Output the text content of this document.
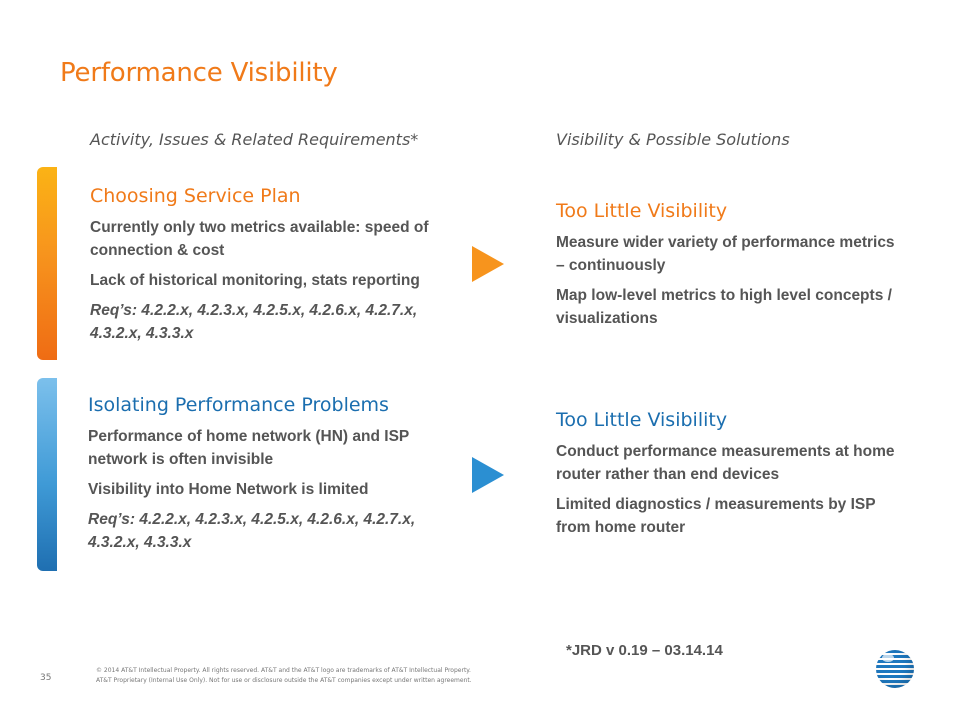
Performance Visibility
Activity, Issues & Related Requirements*	Visibility & Possible Solutions
Choosing Service Plan
Currently only two metrics available: speed of connection & cost
Lack of historical monitoring, stats reporting
Req’s: 4.2.2.x, 4.2.3.x, 4.2.5.x, 4.2.6.x, 4.2.7.x, 4.3.2.x, 4.3.3.x
Isolating Performance Problems
Performance of home network (HN) and ISP network is often invisible
Visibility into Home Network is limited
Req’s: 4.2.2.x, 4.2.3.x, 4.2.5.x, 4.2.6.x, 4.2.7.x, 4.3.2.x, 4.3.3.x
Too Little Visibility
Measure wider variety of performance metrics – continuously
Map low-level metrics to high level concepts / visualizations
Too Little Visibility
Conduct performance measurements at home router rather than end devices
Limited diagnostics / measurements by ISP from home router
*JRD v 0.19 – 03.14.14
35
© 2014 AT&T Intellectual Property. All rights reserved. AT&T and the AT&T logo are trademarks of AT&T Intellectual Property.
AT&T Proprietary (Internal Use Only). Not for use or disclosure outside the AT&T companies except under written agreement.
